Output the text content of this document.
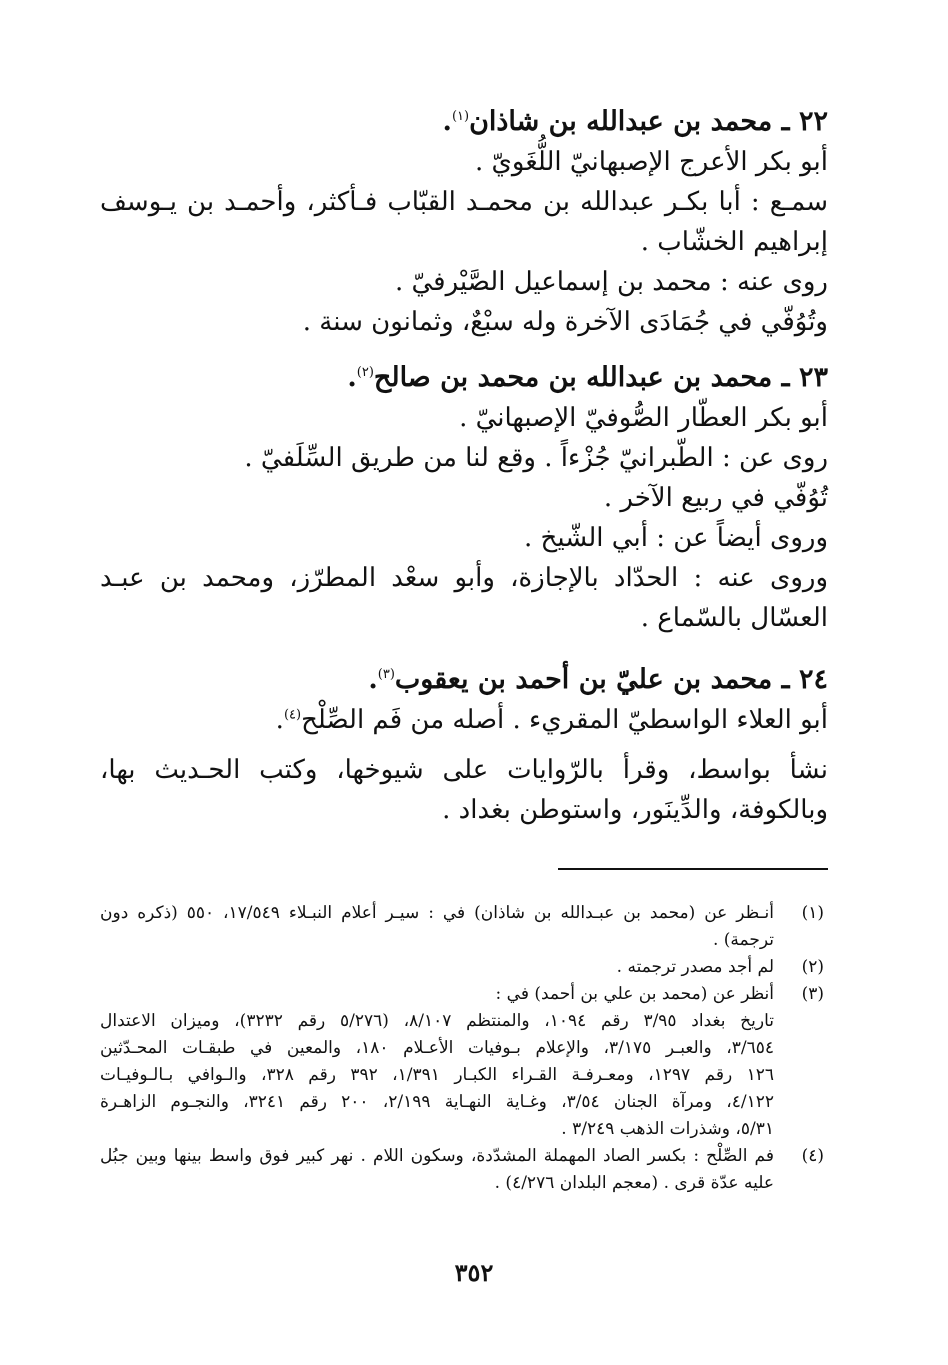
٢٢ ـ محمد بن عبدالله بن شاذان$^{(١)}$.
أبو بكر الأعرج الإصبهانيّ اللُّغَويّ .
سمـع : أبا بكـر عبدالله بن محمـد القبّاب فـأكثر، وأحمـد بن يـوسف
إبراهيم الخشّاب .
روى عنه : محمد بن إسماعيل الصَّيْرفيّ .
وتُوُفّي في جُمَادَى الآخرة وله سبْعٌ، وثمانون سنة .
٢٣ ـ محمد بن عبدالله بن محمد بن صالح$^{(٢)}$.
أبو بكر العطّار الصُّوفيّ الإصبهانيّ .
روى عن : الطّبرانيّ جُزْءاً . وقع لنا من طريق السِّلَفيّ .
تُوُفّي في ربيع الآخر .
وروى أيضاً عن : أبي الشّيخ .
وروى عنه : الحدّاد بالإجازة، وأبو سعْد المطرّز، ومحمد بن عبـد
العسّال بالسّماع .
٢٤ ـ محمد بن عليّ بن أحمد بن يعقوب$^{(٣)}$.
أبو العلاء الواسطيّ المقريء . أصله من فَم الصِّلْح$^{(٤)}$.
نشأ بواسط، وقرأ بالرّوايات على شيوخها، وكتب الحـديث بها،
وبالكوفة، والدِّينَور، واستوطن بغداد .
(١)
أنـظر عن (محمد بن عبـدالله بن شاذان) في : سيـر أعلام النبـلاء ١٧/٥٤٩، ٥٥٠ (ذكره دون
ترجمة) .
(٢)
لم أجد مصدر ترجمته .
(٣)
أنظر عن (محمد بن علي بن أحمد) في :
تاريخ بغداد ٣/٩٥ رقم ١٠٩٤، والمنتظم ٨/١٠٧، (٥/٢٧٦ رقم ٣٢٣٢)، وميزان الاعتدال
٣/٦٥٤، والعبـر ٣/١٧٥، والإعلام بـوفيات الأعـلام ١٨٠، والمعين في طبقـات المحـدّثين
١٢٦ رقم ١٢٩٧، ومعـرفـة القـراء الكبـار ١/٣٩١، ٣٩٢ رقم ٣٢٨، والـوافي بـالـوفيـات
٤/١٢٢، ومرآة الجنان ٣/٥٤، وغـاية النهـاية ٢/١٩٩، ٢٠٠ رقم ٣٢٤١، والنجـوم الزاهـرة
٥/٣١، وشذرات الذهب ٣/٢٤٩ .
(٤)
فم الصِّلْح : بكسر الصاد المهملة المشدّدة، وسكون اللام . نهر كبير فوق واسط بينها وبين جبُل
عليه عدّة قرى . (معجم البلدان ٤/٢٧٦) .
٣٥٢
